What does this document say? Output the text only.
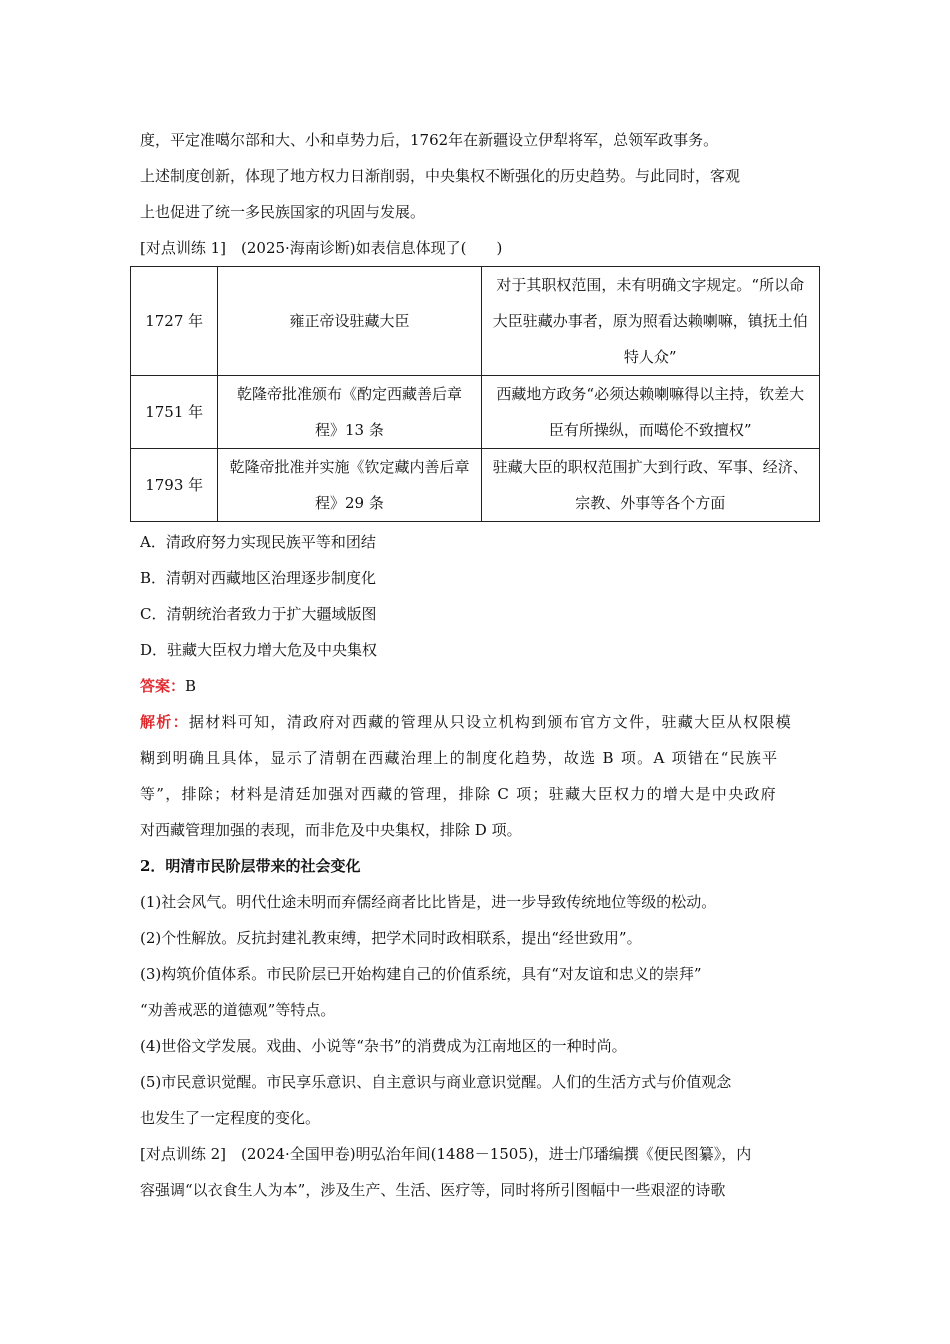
度，平定准噶尔部和大、小和卓势力后，1762年在新疆设立伊犁将军，总领军政事务。

上述制度创新，体现了地方权力日渐削弱，中央集权不断强化的历史趋势。与此同时，客观

上也促进了统一多民族国家的巩固与发展。

[对点训练 1]　(2025·海南诊断)如表信息体现了(　　)

1727 年	雍正帝设驻藏大臣	对于其职权范围，未有明确文字规定。“所以命大臣驻藏办事者，原为照看达赖喇嘛，镇抚土伯特人众”
1751 年	乾隆帝批准颁布《酌定西藏善后章程》13 条	西藏地方政务“必须达赖喇嘛得以主持，钦差大臣有所操纵，而噶伦不致擅权”
1793 年	乾隆帝批准并实施《钦定藏内善后章程》29 条	驻藏大臣的职权范围扩大到行政、军事、经济、宗教、外事等各个方面

A．清政府努力实现民族平等和团结

B．清朝对西藏地区治理逐步制度化

C．清朝统治者致力于扩大疆域版图

D．驻藏大臣权力增大危及中央集权

答案：B

解析：据材料可知，清政府对西藏的管理从只设立机构到颁布官方文件，驻藏大臣从权限模

糊到明确且具体，显示了清朝在西藏治理上的制度化趋势，故选 B 项。A 项错在“民族平

等”，排除；材料是清廷加强对西藏的管理，排除 C 项；驻藏大臣权力的增大是中央政府

对西藏管理加强的表现，而非危及中央集权，排除 D 项。

2．明清市民阶层带来的社会变化

(1)社会风气。明代仕途未明而弃儒经商者比比皆是，进一步导致传统地位等级的松动。

(2)个性解放。反抗封建礼教束缚，把学术同时政相联系，提出“经世致用”。

(3)构筑价值体系。市民阶层已开始构建自己的价值系统，具有“对友谊和忠义的崇拜”

“劝善戒恶的道德观”等特点。

(4)世俗文学发展。戏曲、小说等“杂书”的消费成为江南地区的一种时尚。

(5)市民意识觉醒。市民享乐意识、自主意识与商业意识觉醒。人们的生活方式与价值观念

也发生了一定程度的变化。

[对点训练 2]　(2024·全国甲卷)明弘治年间(1488－1505)，进士邝璠编撰《便民图纂》，内

容强调“以衣食生人为本”，涉及生产、生活、医疗等，同时将所引图幅中一些艰涩的诗歌
